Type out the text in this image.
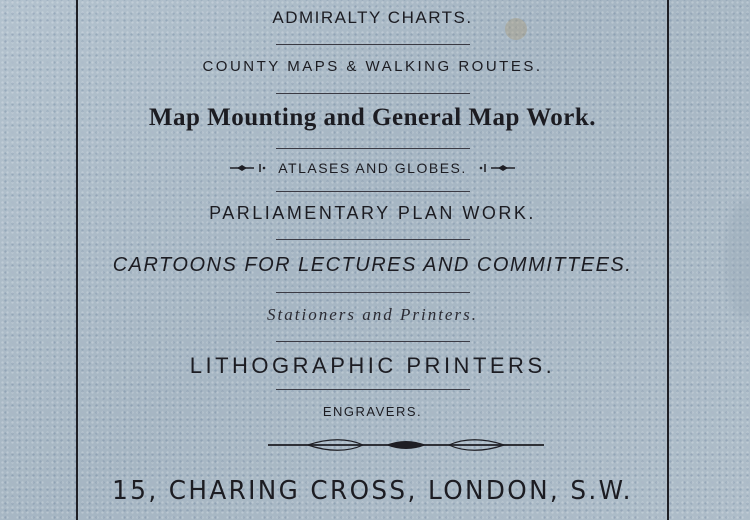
ADMIRALTY CHARTS.
COUNTY MAPS & WALKING ROUTES.
Map Mounting and General Map Work.
ATLASES AND GLOBES.
PARLIAMENTARY PLAN WORK.
CARTOONS FOR LECTURES AND COMMITTEES.
Stationers and Printers.
LITHOGRAPHIC PRINTERS.
ENGRAVERS.
15, CHARING CROSS, LONDON, S.W.
